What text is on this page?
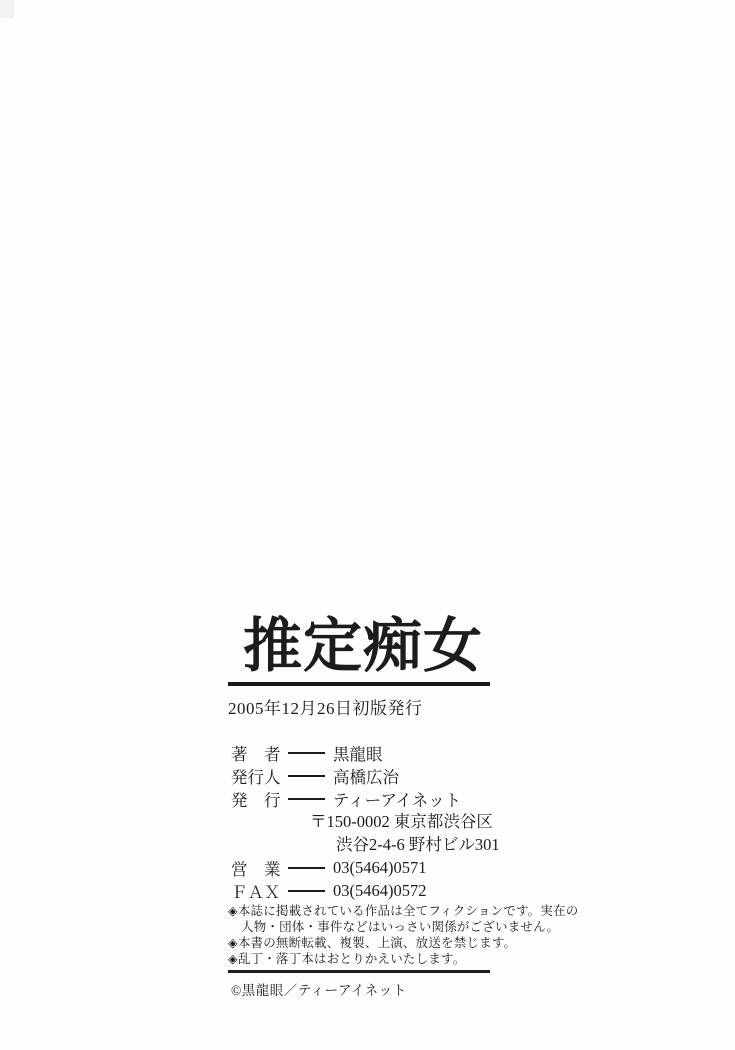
推定痴女
2005年12月26日初版発行
著　者	黒龍眼
発行人	高橋広治
発　行	ティーアイネット
〒150-0002 東京都渋谷区
渋谷2-4-6 野村ビル301
営　業	03(5464)0571
ＦＡＸ	03(5464)0572
◈本誌に掲載されている作品は全てフィクションです。実在の
人物・団体・事件などはいっさい関係がございません。
◈本書の無断転載、複製、上演、放送を禁じます。
◈乱丁・落丁本はおとりかえいたします。
©黒龍眼／ティーアイネット
